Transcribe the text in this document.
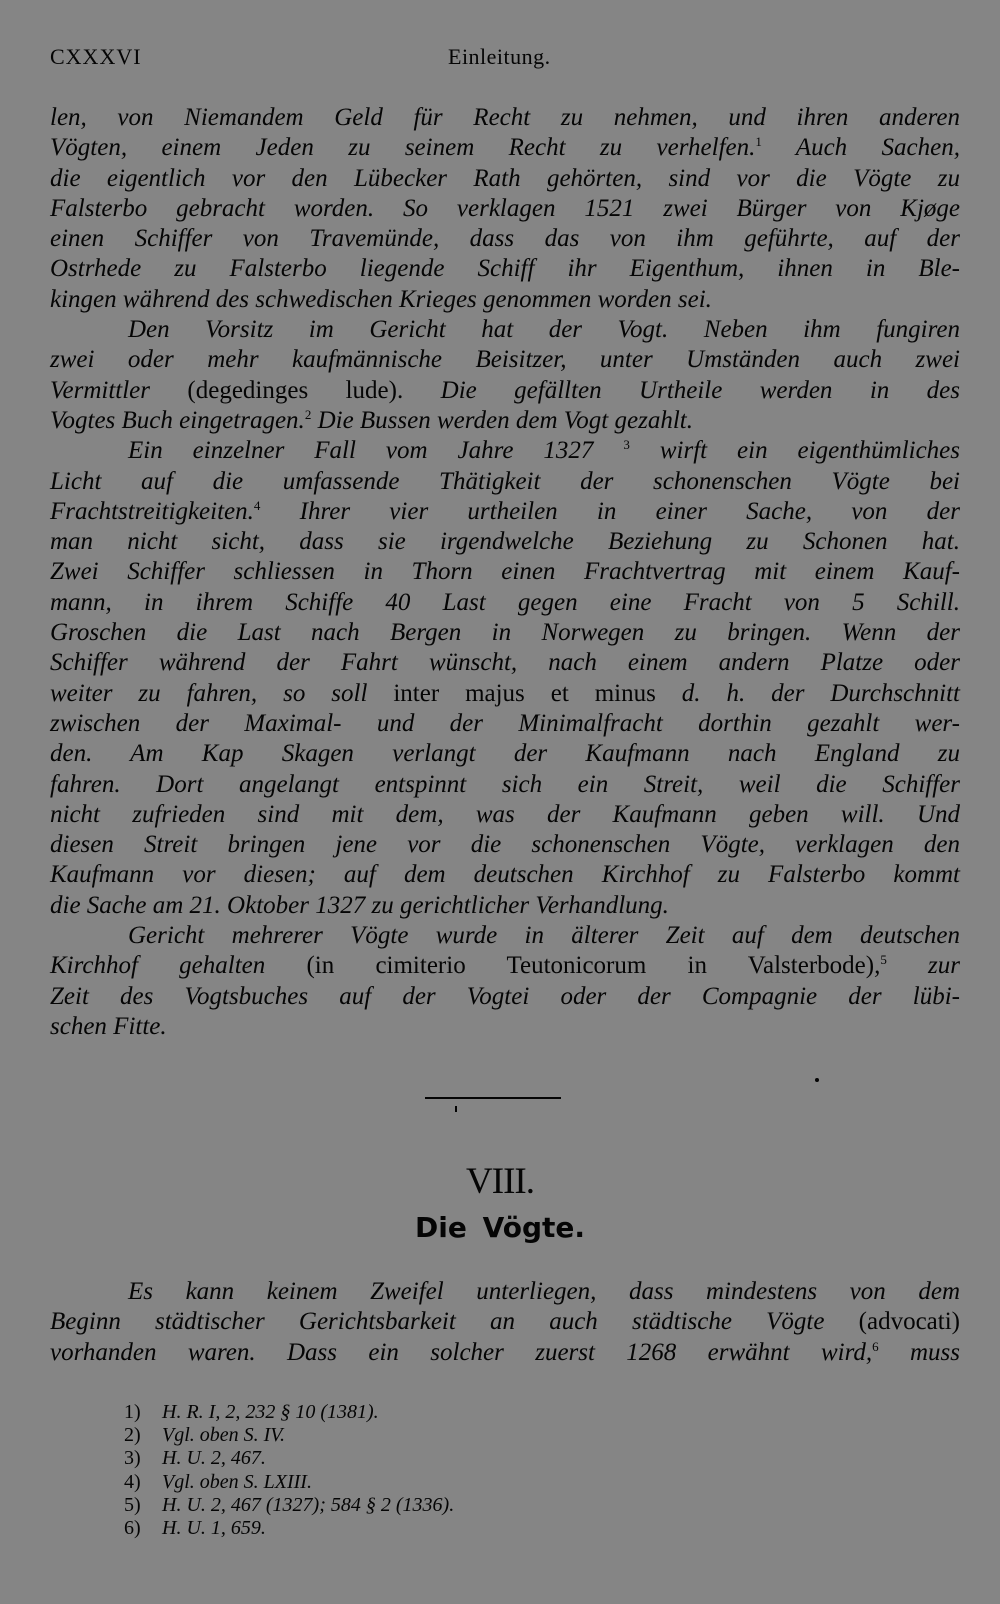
CXXXVI	Einleitung.
len, von Niemandem Geld für Recht zu nehmen, und ihren anderen
Vögten, einem Jeden zu seinem Recht zu verhelfen.$^1$ Auch Sachen,
die eigentlich vor den Lübecker Rath gehörten, sind vor die Vögte zu
Falsterbo gebracht worden. So verklagen 1521 zwei Bürger von Kjøge
einen Schiffer von Travemünde, dass das von ihm geführte, auf der
Ostrhede zu Falsterbo liegende Schiff ihr Eigenthum, ihnen in Ble-
kingen während des schwedischen Krieges genommen worden sei.
Den Vorsitz im Gericht hat der Vogt. Neben ihm fungiren
zwei oder mehr kaufmännische Beisitzer, unter Umständen auch zwei
Vermittler (degedinges lude). Die gefällten Urtheile werden in des
Vogtes Buch eingetragen.$^2$ Die Bussen werden dem Vogt gezahlt.
Ein einzelner Fall vom Jahre 1327 $^3$ wirft ein eigenthümliches
Licht auf die umfassende Thätigkeit der schonenschen Vögte bei
Frachtstreitigkeiten.$^4$ Ihrer vier urtheilen in einer Sache, von der
man nicht sicht, dass sie irgendwelche Beziehung zu Schonen hat.
Zwei Schiffer schliessen in Thorn einen Frachtvertrag mit einem Kauf-
mann, in ihrem Schiffe 40 Last gegen eine Fracht von 5 Schill.
Groschen die Last nach Bergen in Norwegen zu bringen. Wenn der
Schiffer während der Fahrt wünscht, nach einem andern Platze oder
weiter zu fahren, so soll inter majus et minus d. h. der Durchschnitt
zwischen der Maximal- und der Minimalfracht dorthin gezahlt wer-
den. Am Kap Skagen verlangt der Kaufmann nach England zu
fahren. Dort angelangt entspinnt sich ein Streit, weil die Schiffer
nicht zufrieden sind mit dem, was der Kaufmann geben will. Und
diesen Streit bringen jene vor die schonenschen Vögte, verklagen den
Kaufmann vor diesen; auf dem deutschen Kirchhof zu Falsterbo kommt
die Sache am 21. Oktober 1327 zu gerichtlicher Verhandlung.
Gericht mehrerer Vögte wurde in älterer Zeit auf dem deutschen
Kirchhof gehalten (in cimiterio Teutonicorum in Valsterbode),$^5$ zur
Zeit des Vogtsbuches auf der Vogtei oder der Compagnie der lübi-
schen Fitte.
VIII.
Die Vögte.
Es kann keinem Zweifel unterliegen, dass mindestens von dem
Beginn städtischer Gerichtsbarkeit an auch städtische Vögte (advocati)
vorhanden waren. Dass ein solcher zuerst 1268 erwähnt wird,$^6$ muss
1) H. R. I, 2, 232 § 10 (1381).
2) Vgl. oben S. IV.
3) H. U. 2, 467.
4) Vgl. oben S. LXIII.
5) H. U. 2, 467 (1327); 584 § 2 (1336).
6) H. U. 1, 659.
